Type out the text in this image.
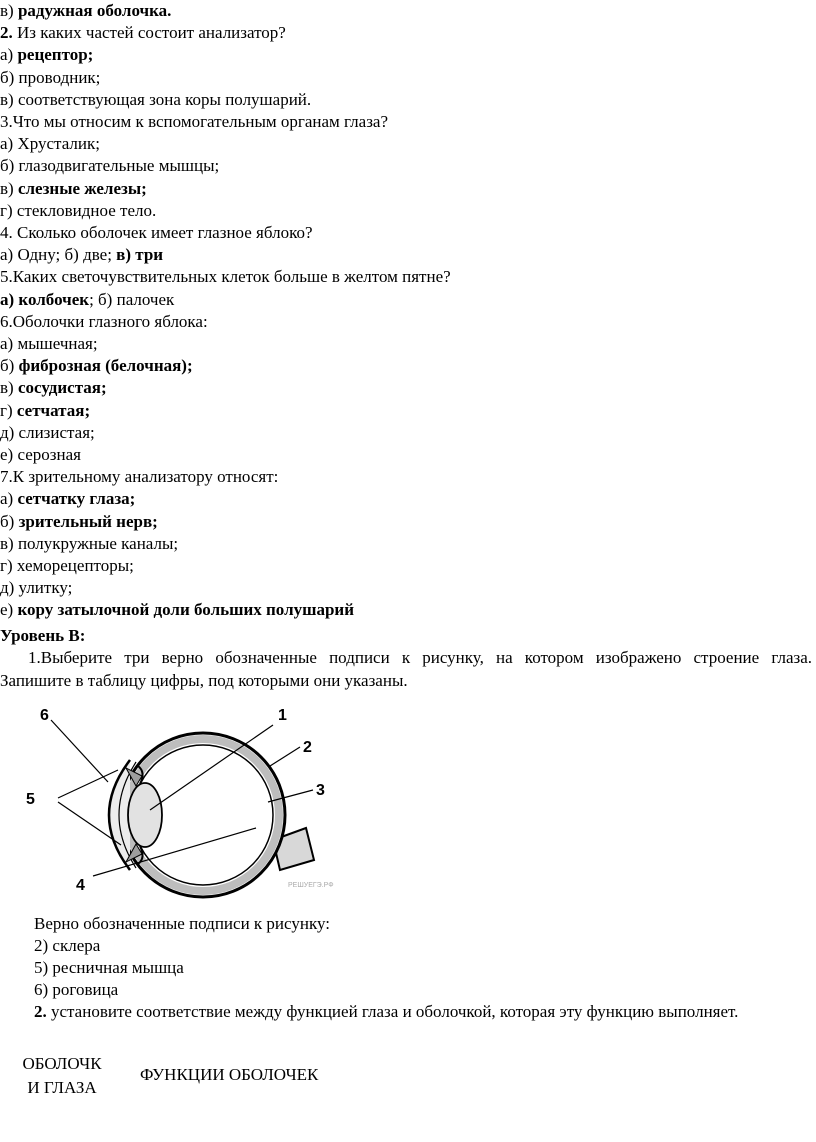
в) радужная оболочка.
2. Из каких частей состоит анализатор?
а) рецептор;
б) проводник;
в) соответствующая зона коры полушарий.
3.Что мы относим к вспомогательным органам глаза?
а) Хрусталик;
б) глазодвигательные мышцы;
в) слезные железы;
г) стекловидное тело.
4. Сколько оболочек имеет глазное яблоко?
а) Одну; б) две; в) три
5.Каких светочувствительных клеток больше в желтом пятне?
а) колбочек; б) палочек
6.Оболочки глазного яблока:
а) мышечная;
б) фиброзная (белочная);
в) сосудистая;
г) сетчатая;
д) слизистая;
е) серозная
7.К зрительному анализатору относят:
а) сетчатку глаза;
б) зрительный нерв;
в) полукружные каналы;
г) хеморецепторы;
д) улитку;
е) кору затылочной доли больших полушарий
Уровень В:
1.Выберите три верно обозначенные подписи к рисунку, на котором изображено строение глаза.
Запишите в таблицу цифры, под которыми они указаны.
6
5
1
2
3
4	РЕШУЕГЭ.РФ
Верно обозначенные подписи к рисунку:
2) склера
5) ресничная мышца
6) роговица
2. установите соответствие между функцией глаза и оболочкой, которая эту функцию выполняет.
ОБОЛОЧК
И ГЛАЗА
ФУНКЦИИ ОБОЛОЧЕК
